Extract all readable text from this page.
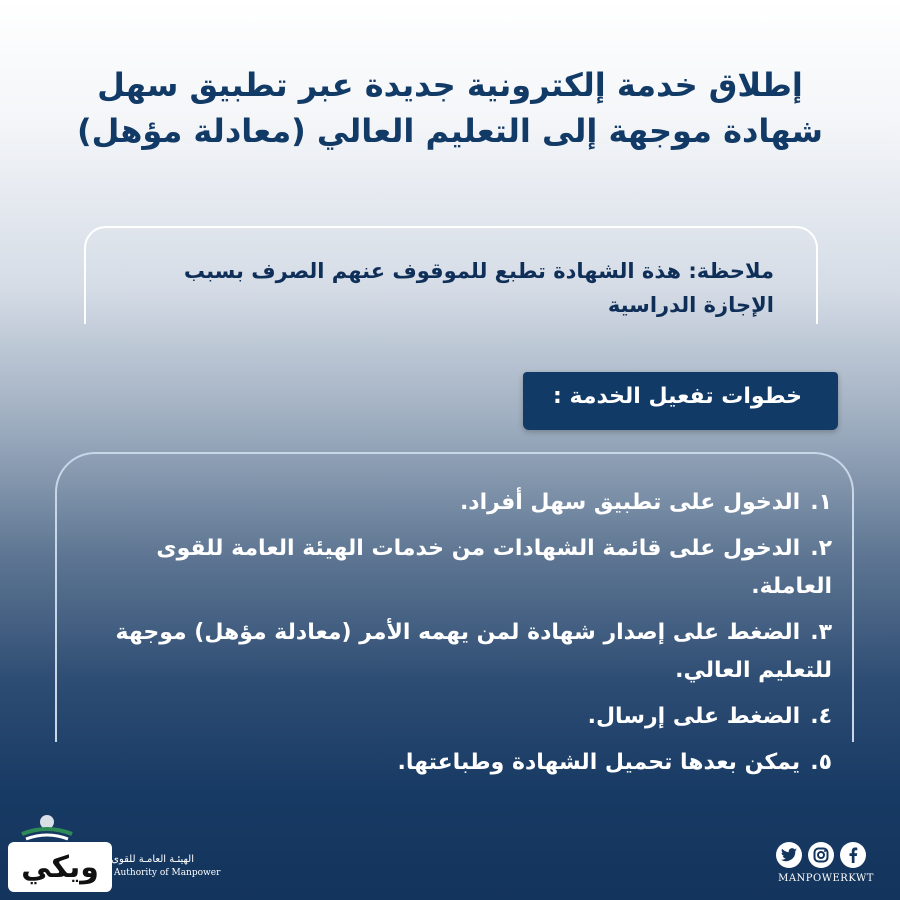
إطلاق خدمة إلكترونية جديدة عبر تطبيق سهل
شهادة موجهة إلى التعليم العالي (معادلة مؤهل)
ملاحظة: هذة الشهادة تطبع للموقوف عنهم الصرف بسبب
الإجازة الدراسية
خطوات تفعيل الخدمة :
١.الدخول على تطبيق سهل أفراد.
٢.الدخول على قائمة الشهادات من خدمات الهيئة العامة للقوى العاملة.
٣.الضغط على إصدار شهادة لمن يهمه الأمر (معادلة مؤهل) موجهة للتعليم العالي.
٤.الضغط على إرسال.
٥.يمكن بعدها تحميل الشهادة وطباعتها.
ويكي
الهيئـة العامـة للقوى العاملة
Authority of Manpower	MANPOWERKWT
